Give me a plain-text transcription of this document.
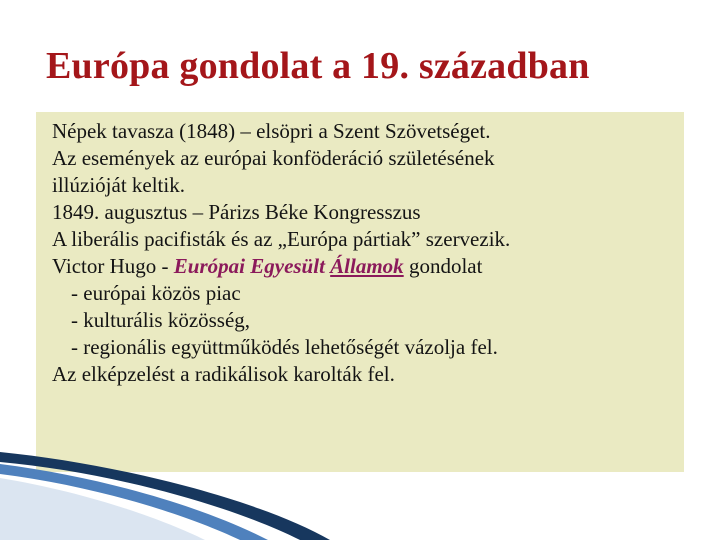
Európa gondolat a 19. században
Népek tavasza (1848) – elsöpri a Szent Szövetséget.
Az események az európai konföderáció születésének
illúzióját keltik.
1849. augusztus – Párizs Béke Kongresszus
A liberális pacifisták és az „Európa pártiak” szervezik.
Victor Hugo - Európai Egyesült Államok gondolat
- európai közös piac
- kulturális közösség,
- regionális együttműködés lehetőségét vázolja fel.
Az elképzelést a radikálisok karolták fel.
